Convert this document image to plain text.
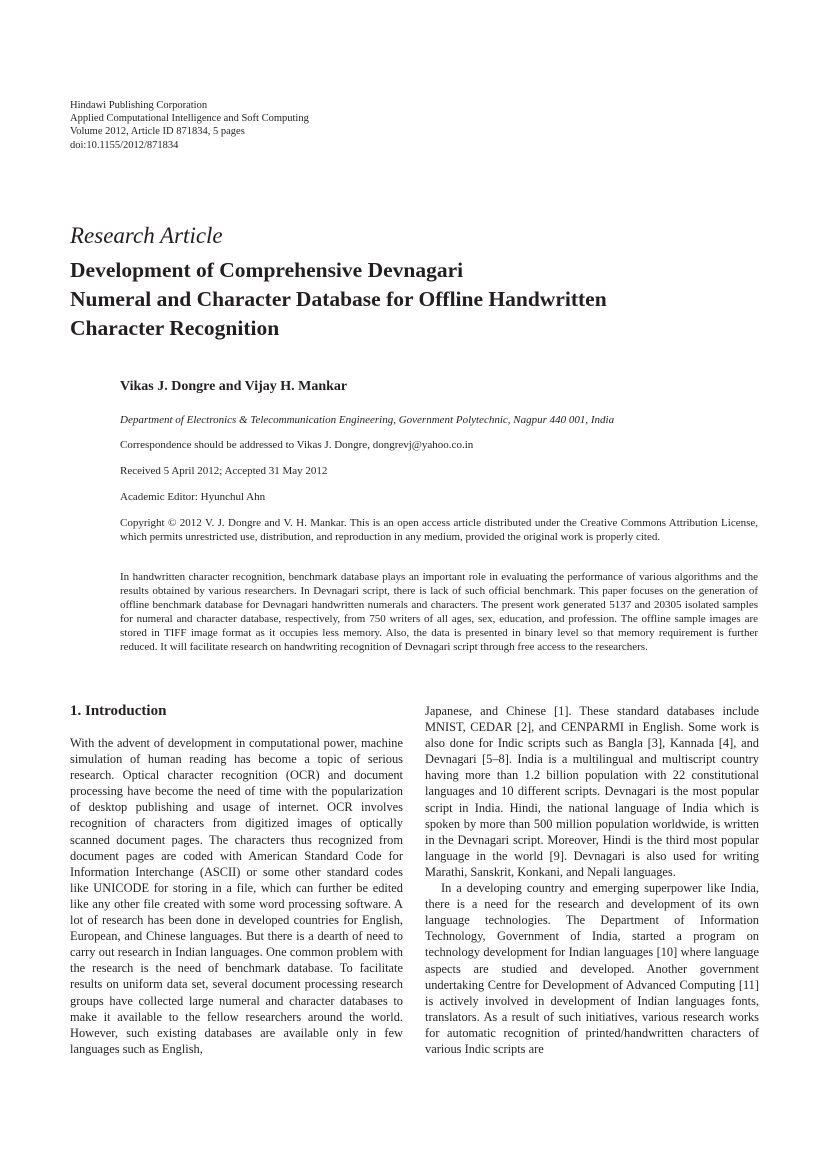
Hindawi Publishing Corporation
Applied Computational Intelligence and Soft Computing
Volume 2012, Article ID 871834, 5 pages
doi:10.1155/2012/871834
Research Article
Development of Comprehensive Devnagari
Numeral and Character Database for Offline Handwritten
Character Recognition
Vikas J. Dongre and Vijay H. Mankar
Department of Electronics & Telecommunication Engineering, Government Polytechnic, Nagpur 440 001, India
Correspondence should be addressed to Vikas J. Dongre, dongrevj@yahoo.co.in
Received 5 April 2012; Accepted 31 May 2012
Academic Editor: Hyunchul Ahn
Copyright © 2012 V. J. Dongre and V. H. Mankar. This is an open access article distributed under the Creative Commons Attribution License, which permits unrestricted use, distribution, and reproduction in any medium, provided the original work is properly cited.
In handwritten character recognition, benchmark database plays an important role in evaluating the performance of various algorithms and the results obtained by various researchers. In Devnagari script, there is lack of such official benchmark. This paper focuses on the generation of offline benchmark database for Devnagari handwritten numerals and characters. The present work generated 5137 and 20305 isolated samples for numeral and character database, respectively, from 750 writers of all ages, sex, education, and profession. The offline sample images are stored in TIFF image format as it occupies less memory. Also, the data is presented in binary level so that memory requirement is further reduced. It will facilitate research on handwriting recognition of Devnagari script through free access to the researchers.
1. Introduction

With the advent of development in computational power, machine simulation of human reading has become a topic of serious research. Optical character recognition (OCR) and document processing have become the need of time with the popularization of desktop publishing and usage of internet. OCR involves recognition of characters from digitized images of optically scanned document pages. The characters thus recognized from document pages are coded with American Standard Code for Information Interchange (ASCII) or some other standard codes like UNICODE for storing in a file, which can further be edited like any other file created with some word processing software. A lot of research has been done in developed countries for English, European, and Chinese languages. But there is a dearth of need to carry out research in Indian languages. One common problem with the research is the need of benchmark database. To facilitate results on uniform data set, several document processing research groups have collected large numeral and character databases to make it available to the fellow researchers around the world. However, such existing databases are available only in few languages such as English,

Japanese, and Chinese [1]. These standard databases include MNIST, CEDAR [2], and CENPARMI in English. Some work is also done for Indic scripts such as Bangla [3], Kannada [4], and Devnagari [5–8]. India is a multilingual and multiscript country having more than 1.2 billion population with 22 constitutional languages and 10 different scripts. Devnagari is the most popular script in India. Hindi, the national language of India which is spoken by more than 500 million population worldwide, is written in the Devnagari script. Moreover, Hindi is the third most popular language in the world [9]. Devnagari is also used for writing Marathi, Sanskrit, Konkani, and Nepali languages.

In a developing country and emerging superpower like India, there is a need for the research and development of its own language technologies. The Department of Information Technology, Government of India, started a program on technology development for Indian languages [10] where language aspects are studied and developed. Another government undertaking Centre for Development of Advanced Computing [11] is actively involved in development of Indian languages fonts, translators. As a result of such initiatives, various research works for automatic recognition of printed/handwritten characters of various Indic scripts are
